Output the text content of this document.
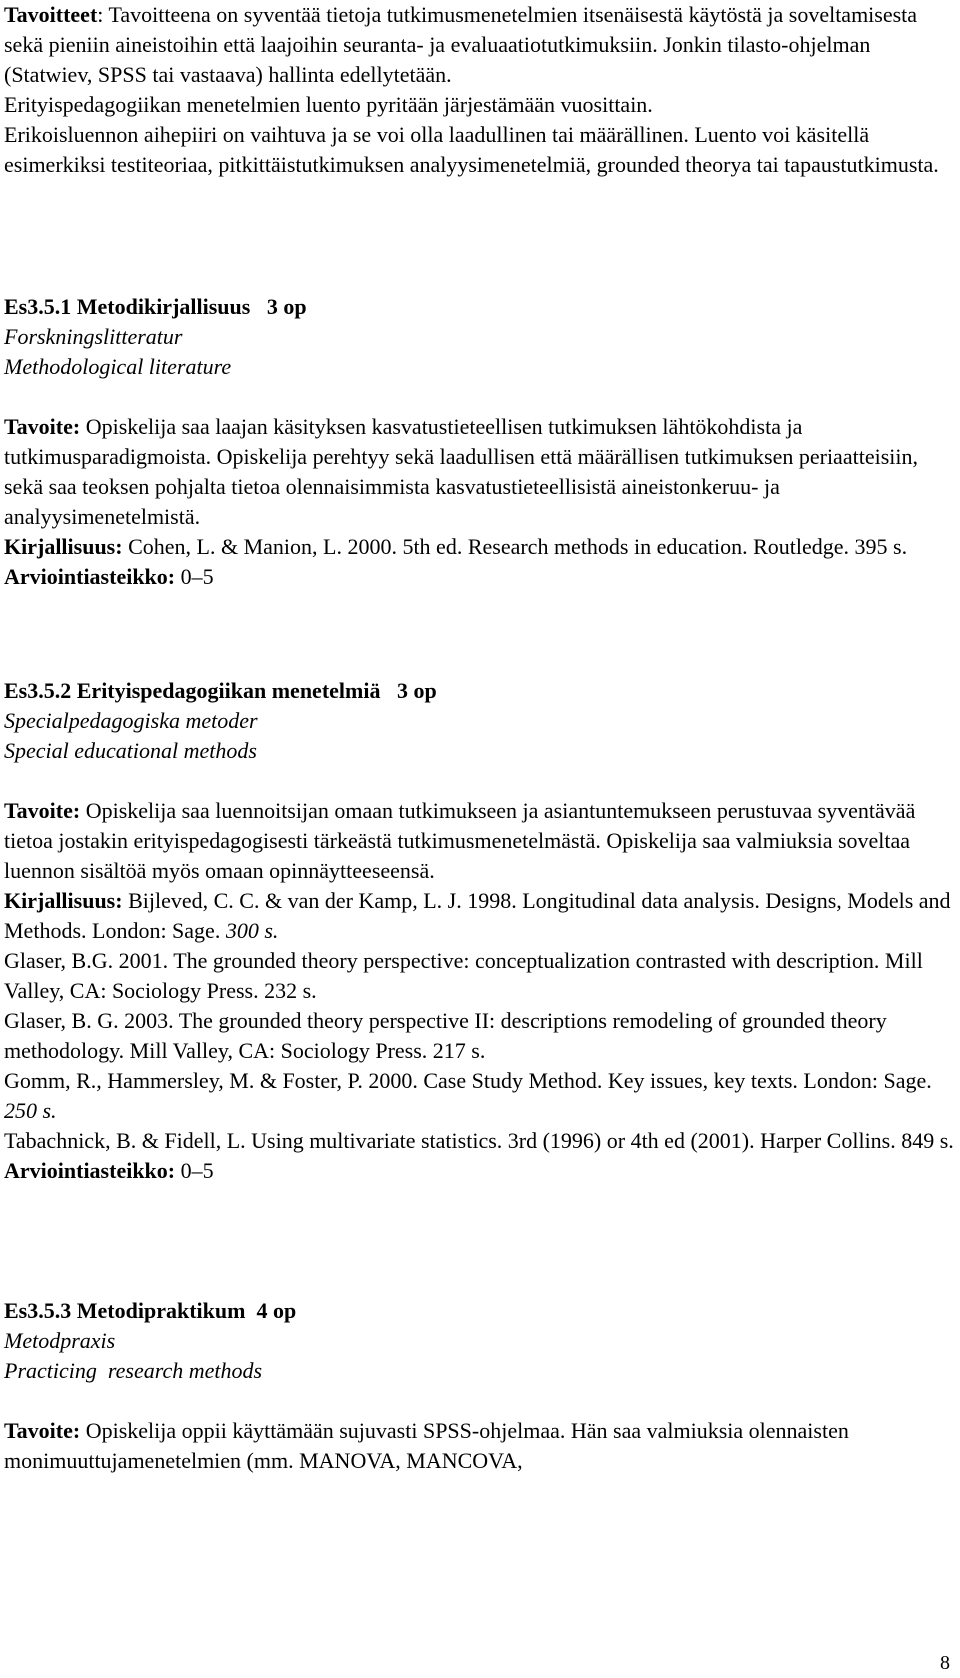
Tavoitteet: Tavoitteena on syventää tietoja tutkimusmenetelmien itsenäisestä käytöstä ja soveltamisesta sekä pieniin aineistoihin että laajoihin seuranta- ja evaluaatiotutkimuksiin. Jonkin tilasto-ohjelman (Statwiev, SPSS tai vastaava) hallinta edellytetään.
Erityispedagogiikan menetelmien luento pyritään järjestämään vuosittain.
Erikoisluennon aihepiiri on vaihtuva ja se voi olla laadullinen tai määrällinen. Luento voi käsitellä esimerkiksi testiteoriaa, pitkittäistutkimuksen analyysimenetelmiä, grounded theorya tai tapaustutkimusta.

Es3.5.1 Metodikirjallisuus 3 op

Forskningslitteratur

Methodological literature

Tavoite: Opiskelija saa laajan käsityksen kasvatustieteellisen tutkimuksen lähtökohdista ja tutkimusparadigmoista. Opiskelija perehtyy sekä laadullisen että määrällisen tutkimuksen periaatteisiin, sekä saa teoksen pohjalta tietoa olennaisimmista kasvatustieteellisistä aineistonkeruu- ja analyysimenetelmistä.

Kirjallisuus: Cohen, L. & Manion, L. 2000. 5th ed. Research methods in education. Routledge. 395 s.

Arviointiasteikko: 0–5

Es3.5.2 Erityispedagogiikan menetelmiä 3 op

Specialpedagogiska metoder

Special educational methods

Tavoite: Opiskelija saa luennoitsijan omaan tutkimukseen ja asiantuntemukseen perustuvaa syventävää tietoa jostakin erityispedagogisesti tärkeästä tutkimusmenetelmästä. Opiskelija saa valmiuksia soveltaa luennon sisältöä myös omaan opinnäytteeseensä.

Kirjallisuus: Bijleved, C. C. & van der Kamp, L. J. 1998. Longitudinal data analysis. Designs, Models and Methods. London: Sage. 300 s.

Glaser, B.G. 2001. The grounded theory perspective: conceptualization contrasted with description. Mill Valley, CA: Sociology Press. 232 s.

Glaser, B. G. 2003. The grounded theory perspective II: descriptions remodeling of grounded theory methodology. Mill Valley, CA: Sociology Press. 217 s.

Gomm, R., Hammersley, M. & Foster, P. 2000. Case Study Method. Key issues, key texts. London: Sage. 250 s.

Tabachnick, B. & Fidell, L. Using multivariate statistics. 3rd (1996) or 4th ed (2001). Harper Collins. 849 s.

Arviointiasteikko: 0–5

Es3.5.3 Metodipraktikum 4 op

Metodpraxis

Practicing  research methods

Tavoite: Opiskelija oppii käyttämään sujuvasti SPSS-ohjelmaa. Hän saa valmiuksia olennaisten monimuuttujamenetelmien (mm. MANOVA, MANCOVA,

8
